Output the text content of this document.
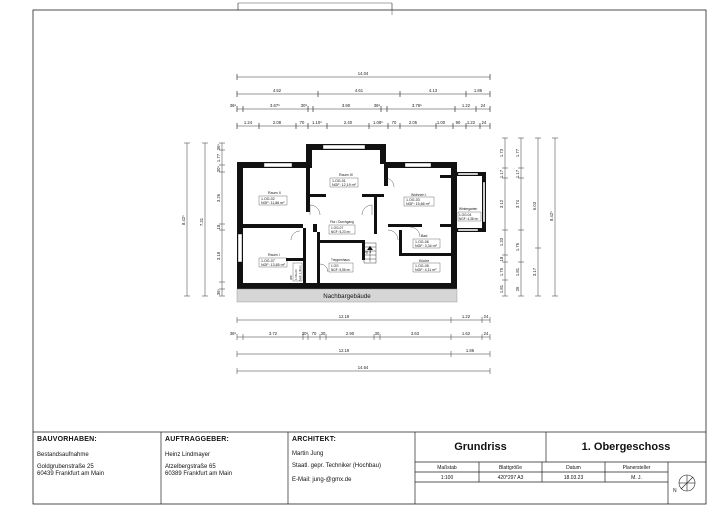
14.04
4.52	4.61	4.13	1.86
36⁵	3.67⁵	30⁵	3.90	36⁵	3.76⁵	1.22	24
1.24	2.08	70 1.10⁵	2.40	1.08⁵ 70	2.05	1.00	90 1.22 24
8.42⁵	7.31
36⁵
1.77
30⁵
3.26
18
3.18
36⁵
8.42⁵
6.03
3.17
1.73
1.17
3.12
1.33
18
1.75
1.81
1.77
1.17
3.74
1.76
1.81
26
Nachbargebäude
Raum III
1.OG-01
NGF: 12,19 m²
Raum II
1.OG-02
NGF: 11,86 m²
Wohnen I
1.OG-03
NGF: 15,66 m²
Wintergarten
1.OG-04
NGF: 4,38 m²
Raum I
1.OG-07
NGF: 13,65 m²
Flur / Durchgang
1.OG-07
NGF: 5,23 m²
Bad
1.OG-06
NGF: 3,34 m²
Treppenhaus
1.OG
NGF: 5,56 m²
Küche
1.OG-05
NGF: 4,11 m²
WC 1.OG-06 NGF: 1,40 m²
Abg. 4
12.19	1.22	24
36⁵	3.72	30⁵ 70 30	2.90	30	3.63	1.62	24
12.19	1.86
14.64
N
BAUVORHABEN:
Bestandsaufnahme
Goldgrubenstraße 25
60439 Frankfurt am Main
AUFTRAGGEBER:
Heinz Lindmayer
Atzelbergstraße 65
60389 Frankfurt am Main
ARCHITEKT:
Martin Jung
Staatl. gepr. Techniker (Hochbau)
E-Mail: jung-@gmx.de
Grundriss	1. Obergeschoss
Maßstab	Blattgröße	Datum	Planersteller
1:100	420*297 A3	18.03.23	M. J.
